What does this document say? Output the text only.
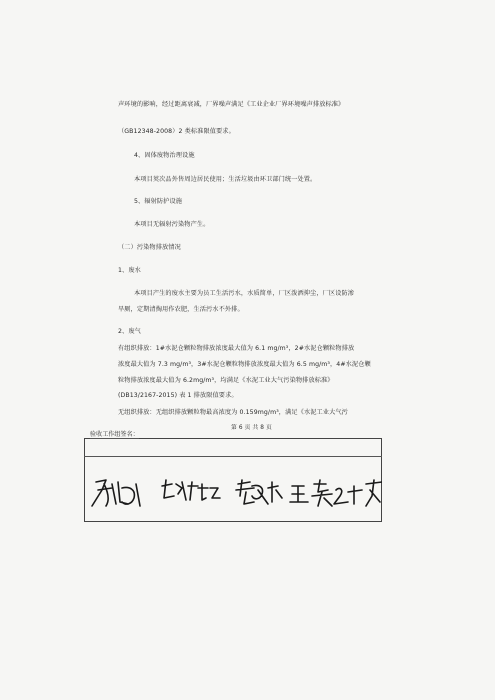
声环境的影响，经过距离衰减，厂界噪声满足《工业企业厂界环境噪声排放标准》
（GB12348-2008）2 类标准限值要求。
4、固体废物治理设施
本项目荚次品外售周边居民使用；生活垃圾由环卫部门统一处置。
5、辐射防护设施
本项目无辐射污染物产生。
（二）污染物排放情况
1、废水
本项目产生的废水主要为员工生活污水，水质简单，厂区泼洒抑尘，厂区设防渗
旱厕，定期清掏用作农肥，生活污水不外排。
2、废气
有组织排放：1#水泥仓颗粒物排放浓度最大值为 6.1 mg/m³，2#水泥仓颗粒物排放
浓度最大值为 7.3 mg/m³，3#水泥仓颗粒物排放浓度最大值为 6.5 mg/m³，4#水泥仓颗
粒物排放浓度最大值为 6.2mg/m³，均满足《水泥工业大气污染物排放标准》
(DB13/2167-2015) 表 1 排放限值要求。
无组织排放：无组织排放颗粒物最高浓度为 0.159mg/m³，满足《水泥工业大气污
第 6 页 共 8 页
验收工作组签名：
